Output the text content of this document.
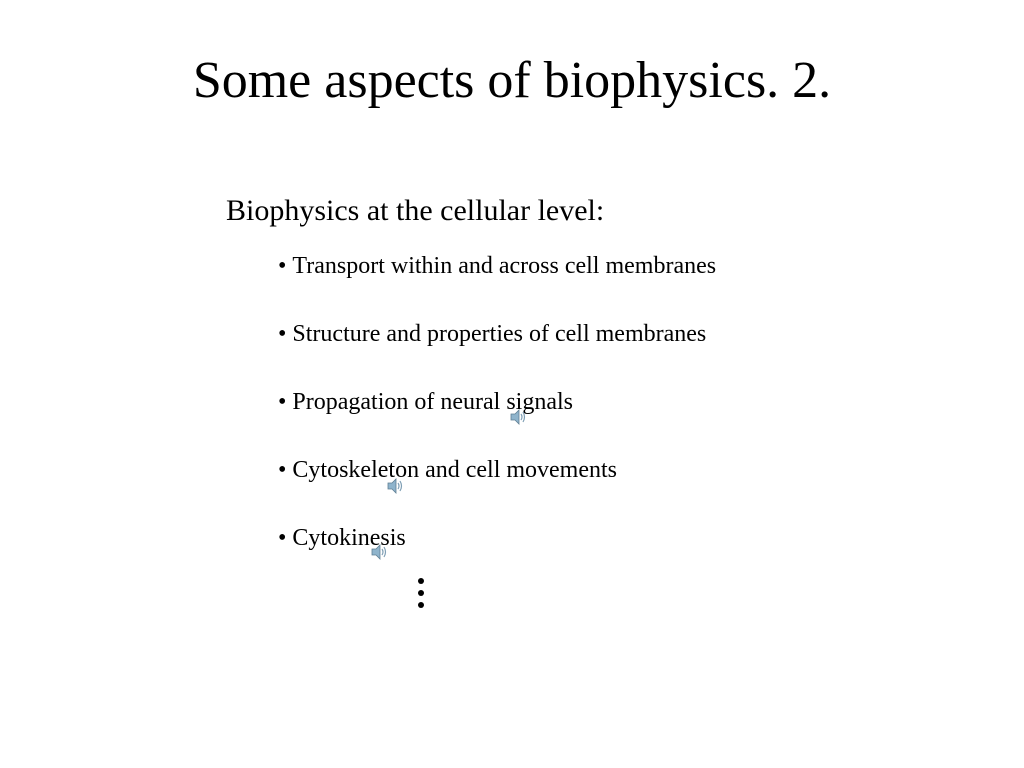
Some aspects of biophysics. 2.
Biophysics at the cellular level:
• Transport within and across cell membranes
• Structure and properties of cell membranes
• Propagation of neural signals
• Cytoskeleton and cell movements
• Cytokinesis
